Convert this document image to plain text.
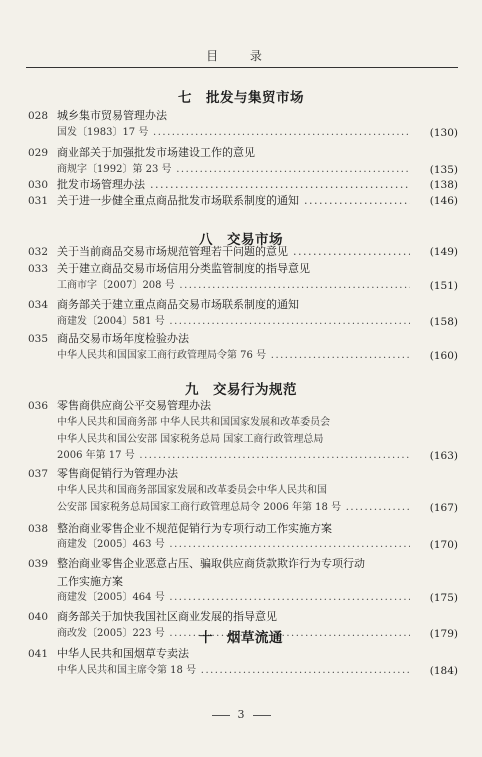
目 录
七 批发与集贸市场
028 城乡集市贸易管理办法
国发〔1983〕17 号 .....	(130)
029 商业部关于加强批发市场建设工作的意见
商规字〔1992〕第 23 号 .....	(135)
030 批发市场管理办法 .....	(138)
031 关于进一步健全重点商品批发市场联系制度的通知 .....	(146)
八 交易市场
032 关于当前商品交易市场规范管理若干问题的意见 .....	(149)
033 关于建立商品交易市场信用分类监管制度的指导意见
工商市字〔2007〕208 号 .....	(151)
034 商务部关于建立重点商品交易市场联系制度的通知
商建发〔2004〕581 号 .....	(158)
035 商品交易市场年度检验办法
中华人民共和国国家工商行政管理局令第 76 号 .....	(160)
九 交易行为规范
036 零售商供应商公平交易管理办法
中华人民共和国商务部 中华人民共和国国家发展和改革委员会
中华人民共和国公安部 国家税务总局 国家工商行政管理总局
2006 年第 17 号 .....	(163)
037 零售商促销行为管理办法
中华人民共和国商务部国家发展和改革委员会中华人民共和国
公安部 国家税务总局国家工商行政管理总局令 2006 年第 18 号 .....	(167)
038 整治商业零售企业不规范促销行为专项行动工作实施方案
商建发〔2005〕463 号 .....	(170)
039 整治商业零售企业恶意占压、骗取供应商货款欺诈行为专项行动
工作实施方案
商建发〔2005〕464 号 .....	(175)
040 商务部关于加快我国社区商业发展的指导意见
商改发〔2005〕223 号 .....	(179)
十 烟草流通
041 中华人民共和国烟草专卖法
中华人民共和国主席令第 18 号 .....	(184)
3
